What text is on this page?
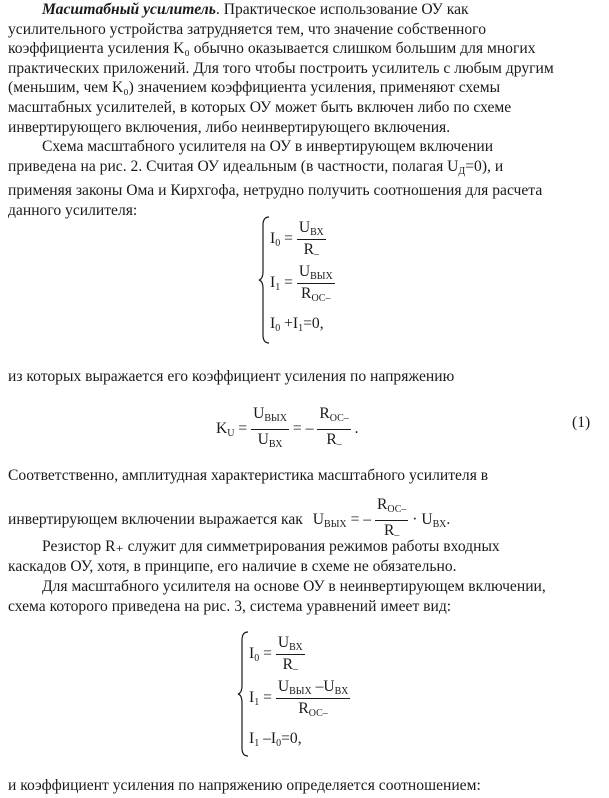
Масштабный усилитель. Практическое использование ОУ как
усилительного устройства затрудняется тем, что значение собственного
коэффициента усиления K₀ обычно оказывается слишком большим для многих
практических приложений. Для того чтобы построить усилитель с любым другим
(меньшим, чем K₀) значением коэффициента усиления, применяют схемы
масштабных усилителей, в которых ОУ может быть включен либо по схеме
инвертирующего включения, либо неинвертирующего включения.
Схема масштабного усилителя на ОУ в инвертирующем включении
приведена на рис. 2. Считая ОУ идеальным (в частности, полагая $U_Д=0$), и
применяя законы Ома и Кирхгофа, нетрудно получить соотношения для расчета
данного усилителя:
$I_0 = \frac{U_{ВХ}}{R_-}$
$I_1 = \frac{U_{ВЫХ}}{R_{ОС-}}$
$I_0 +I_1=0$,
из которых выражается его коэффициент усиления по напряжению
$K_U = \frac{U_{ВЫХ}}{U_{ВХ}}$ = – $\frac{R_{ОС-}}{R_-}$ .	(1)
Соответственно, амплитудная характеристика масштабного усилителя в
инвертирующем включении выражается как $U_{ВЫХ}$ = – $\frac{R_{ОС-}}{R_-} \cdot U_{ВХ}$.
Резистор R₊ служит для симметрирования режимов работы входных
каскадов ОУ, хотя, в принципе, его наличие в схеме не обязательно.
Для масштабного усилителя на основе ОУ в неинвертирующем включении,
схема которого приведена на рис. 3, система уравнений имеет вид:
$I_0 = \frac{U_{ВХ}}{R_-}$
$I_1 = \frac{U_{ВЫХ} -U_{ВХ}}{R_{ОС-}}$
$I_1$ $-I_0=0$,
и коэффициент усиления по напряжению определяется соотношением:
